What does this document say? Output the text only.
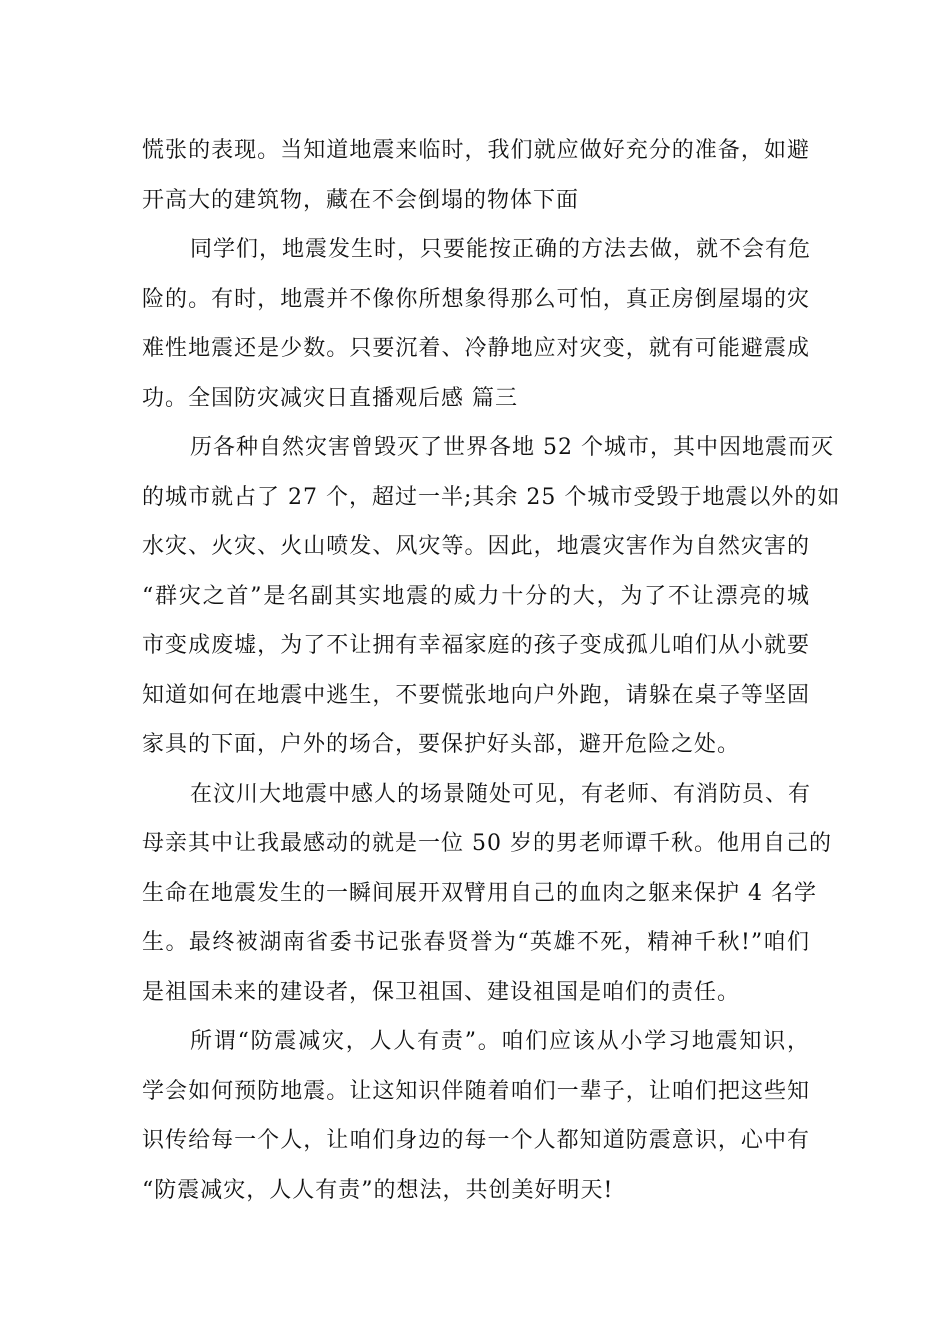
慌张的表现。当知道地震来临时，我们就应做好充分的准备，如避
开高大的建筑物，藏在不会倒塌的物体下面
同学们，地震发生时，只要能按正确的方法去做，就不会有危
险的。有时，地震并不像你所想象得那么可怕，真正房倒屋塌的灾
难性地震还是少数。只要沉着、冷静地应对灾变，就有可能避震成
功。全国防灾减灾日直播观后感 篇三
历各种自然灾害曾毁灭了世界各地 52 个城市，其中因地震而灭
的城市就占了 27 个，超过一半;其余 25 个城市受毁于地震以外的如
水灾、火灾、火山喷发、风灾等。因此，地震灾害作为自然灾害的
“群灾之首”是名副其实地震的威力十分的大，为了不让漂亮的城
市变成废墟，为了不让拥有幸福家庭的孩子变成孤儿咱们从小就要
知道如何在地震中逃生，不要慌张地向户外跑，请躲在桌子等坚固
家具的下面，户外的场合，要保护好头部，避开危险之处。
在汶川大地震中感人的场景随处可见，有老师、有消防员、有
母亲其中让我最感动的就是一位 50 岁的男老师谭千秋。他用自己的
生命在地震发生的一瞬间展开双臂用自己的血肉之躯来保护 4 名学
生。最终被湖南省委书记张春贤誉为“英雄不死，精神千秋!”咱们
是祖国未来的建设者，保卫祖国、建设祖国是咱们的责任。
所谓“防震减灾，人人有责”。咱们应该从小学习地震知识，
学会如何预防地震。让这知识伴随着咱们一辈子，让咱们把这些知
识传给每一个人，让咱们身边的每一个人都知道防震意识，心中有
“防震减灾，人人有责”的想法，共创美好明天!
